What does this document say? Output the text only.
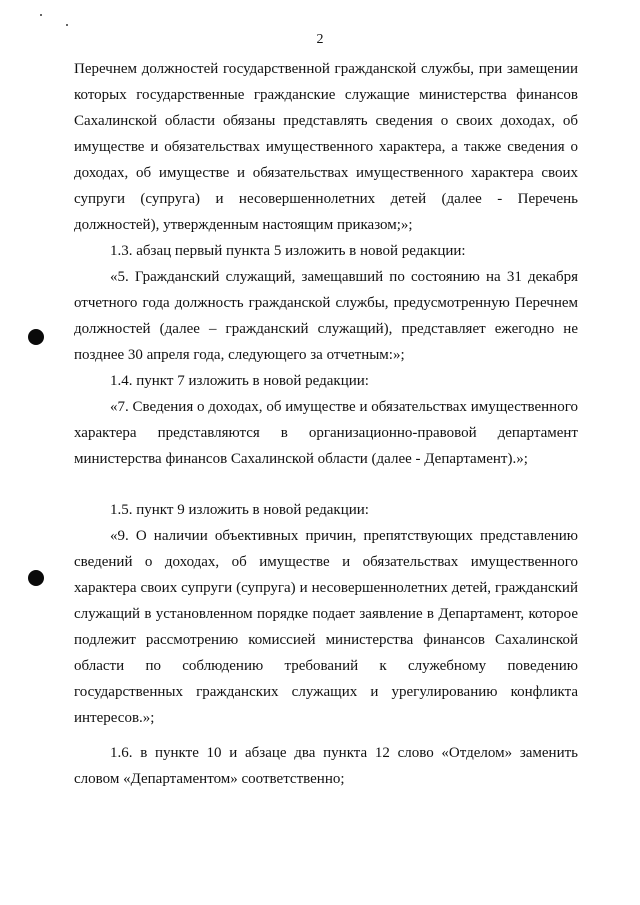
2

Перечнем должностей государственной гражданской службы, при замещении которых государственные гражданские служащие министерства финансов Сахалинской области обязаны представлять сведения о своих доходах, об имуществе и обязательствах имущественного характера, а также сведения о доходах, об имуществе и обязательствах имущественного характера своих супруги (супруга) и несовершеннолетних детей (далее - Перечень должностей), утвержденным настоящим приказом;»;

1.3. абзац первый пункта 5 изложить в новой редакции:

«5. Гражданский служащий, замещавший по состоянию на 31 декабря отчетного года должность гражданской службы, предусмотренную Перечнем должностей (далее – гражданский служащий), представляет ежегодно не позднее 30 апреля года, следующего за отчетным:»;

1.4. пункт 7 изложить в новой редакции:

«7. Сведения о доходах, об имуществе и обязательствах имущественного характера представляются в организационно-правовой департамент министерства финансов Сахалинской области (далее - Департамент).»;

1.5. пункт 9 изложить в новой редакции:

«9. О наличии объективных причин, препятствующих представлению сведений о доходах, об имуществе и обязательствах имущественного характера своих супруги (супруга) и несовершеннолетних детей, гражданский служащий в установленном порядке подает заявление в Департамент, которое подлежит рассмотрению комиссией министерства финансов Сахалинской области по соблюдению требований к служебному поведению государственных гражданских служащих и урегулированию конфликта интересов.»;

1.6. в пункте 10 и абзаце два пункта 12 слово «Отделом» заменить словом «Департаментом» соответственно;
